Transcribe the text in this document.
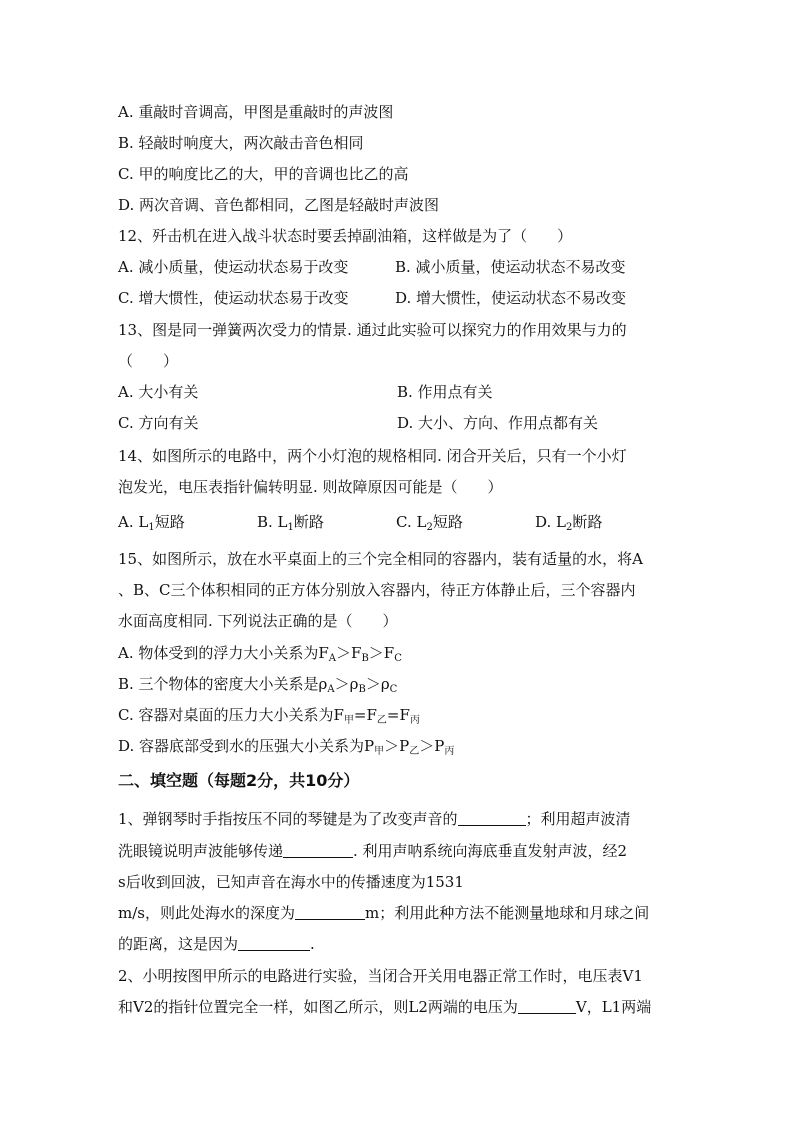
A. 重敲时音调高，甲图是重敲时的声波图
B. 轻敲时响度大，两次敲击音色相同
C. 甲的响度比乙的大，甲的音调也比乙的高
D. 两次音调、音色都相同，乙图是轻敲时声波图
12、歼击机在进入战斗状态时要丢掉副油箱，这样做是为了（　　）
A. 减小质量，使运动状态易于改变	B. 减小质量，使运动状态不易改变
C. 增大惯性，使运动状态易于改变	D. 增大惯性，使运动状态不易改变
13、图是同一弹簧两次受力的情景. 通过此实验可以探究力的作用效果与力的
（　　）
A. 大小有关	B. 作用点有关
C. 方向有关	D. 大小、方向、作用点都有关
14、如图所示的电路中，两个小灯泡的规格相同. 闭合开关后，只有一个小灯
泡发光，电压表指针偏转明显. 则故障原因可能是（　　）
A. $L_1$短路	B. $L_1$断路	C. $L_2$短路	D. $L_2$断路
15、如图所示，放在水平桌面上的三个完全相同的容器内，装有适量的水，将A
、B、C三个体积相同的正方体分别放入容器内，待正方体静止后，三个容器内
水面高度相同. 下列说法正确的是（　　）
A. 物体受到的浮力大小关系为$F_A>F_B>F_C$
B. 三个物体的密度大小关系是$\rho_A>\rho_B>\rho_C$
C. 容器对桌面的压力大小关系为$F_甲=F_乙=F_丙$
D. 容器底部受到水的压强大小关系为$P_甲>P_乙>P_丙$
二、填空题（每题2分，共10分）
1、弹钢琴时手指按压不同的琴键是为了改变声音的	；利用超声波清
洗眼镜说明声波能够传递	. 利用声呐系统向海底垂直发射声波，经2
s后收到回波，已知声音在海水中的传播速度为1531
m/s，则此处海水的深度为	m；利用此种方法不能测量地球和月球之间
的距离，这是因为	.
2、小明按图甲所示的电路进行实验，当闭合开关用电器正常工作时，电压表V1
和V2的指针位置完全一样，如图乙所示，则L2两端的电压为	V，L1两端
